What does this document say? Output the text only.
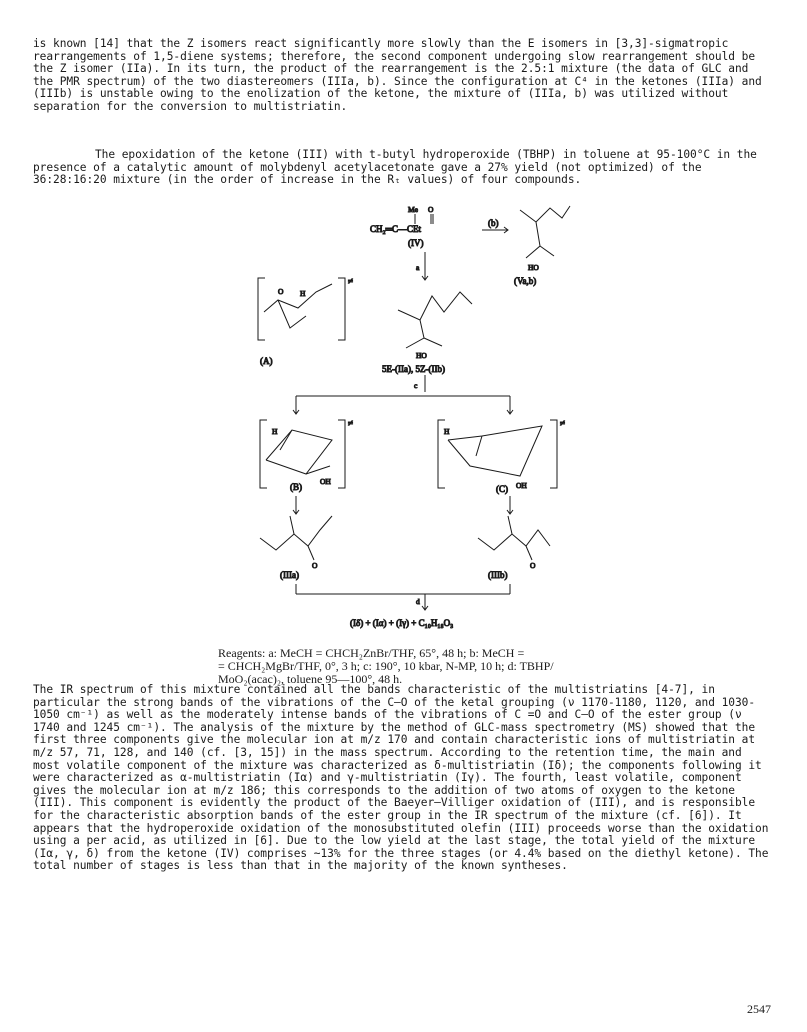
is known [14] that the Z isomers react significantly more slowly than the E isomers in [3,3]-sigmatropic rearrangements of 1,5-diene systems; therefore, the second component undergoing slow rearrangement should be the Z isomer (IIa). In its turn, the product of the rearrangement is the 2.5:1 mixture (the data of GLC and the PMR spectrum) of the two diastereomers (IIIa, b). Since the configuration at C⁴ in the ketones (IIIa) and (IIIb) is unstable owing to the enolization of the ketone, the mixture of (IIIa, b) was utilized without separation for the conversion to multistriatin.

The epoxidation of the ketone (III) with t-butyl hydroperoxide (TBHP) in toluene at 95-100°C in the presence of a catalytic amount of molybdenyl acetylacetonate gave a 27% yield (not optimized) of the 36:28:16:20 mixture (in the order of increase in the Rₜ values) of four compounds.

Me O
CH₂═C—CEt
(IV)
(b)
HO
(Va,b)
a
HO
5E-(IIa), 5Z-(IIb)
≠
O H
(A)
c
≠
H
OH
(B)
≠
H
OH
(C)
O
(IIIa)
O
(IIIb)
d
(Iδ) + (Iα) + (Iγ) + C₁₀H₁₈O₃
Reagents: a: MeCH = CHCH₂ZnBr/THF, 65°, 48 h; b: MeCH =
= CHCH₂MgBr/THF, 0°, 3 h; c: 190°, 10 kbar, N-MP, 10 h; d: TBHP/
MoO₂(acac)₂, toluene 95—100°, 48 h.

The IR spectrum of this mixture contained all the bands characteristic of the multistriatins [4-7], in particular the strong bands of the vibrations of the C—O of the ketal grouping (ν 1170-1180, 1120, and 1030-1050 cm⁻¹) as well as the moderately intense bands of the vibrations of C =O and C—O of the ester group (ν 1740 and 1245 cm⁻¹). The analysis of the mixture by the method of GLC-mass spectrometry (MS) showed that the first three components give the molecular ion at m/z 170 and contain characteristic ions of multistriatin at m/z 57, 71, 128, and 140 (cf. [3, 15]) in the mass spectrum. According to the retention time, the main and most volatile component of the mixture was characterized as δ-multistriatin (Iδ); the components following it were characterized as α-multistriatin (Iα) and γ-multistriatin (Iγ). The fourth, least volatile, component gives the molecular ion at m/z 186; this corresponds to the addition of two atoms of oxygen to the ketone (III). This component is evidently the product of the Baeyer—Villiger oxidation of (III), and is responsible for the characteristic absorption bands of the ester group in the IR spectrum of the mixture (cf. [6]). It appears that the hydroperoxide oxidation of the monosubstituted olefin (III) proceeds worse than the oxidation using a per acid, as utilized in [6]. Due to the low yield at the last stage, the total yield of the mixture (Iα, γ, δ) from the ketone (IV) comprises ~13% for the three stages (or 4.4% based on the diethyl ketone). The total number of stages is less than that in the majority of the known syntheses.

2547
